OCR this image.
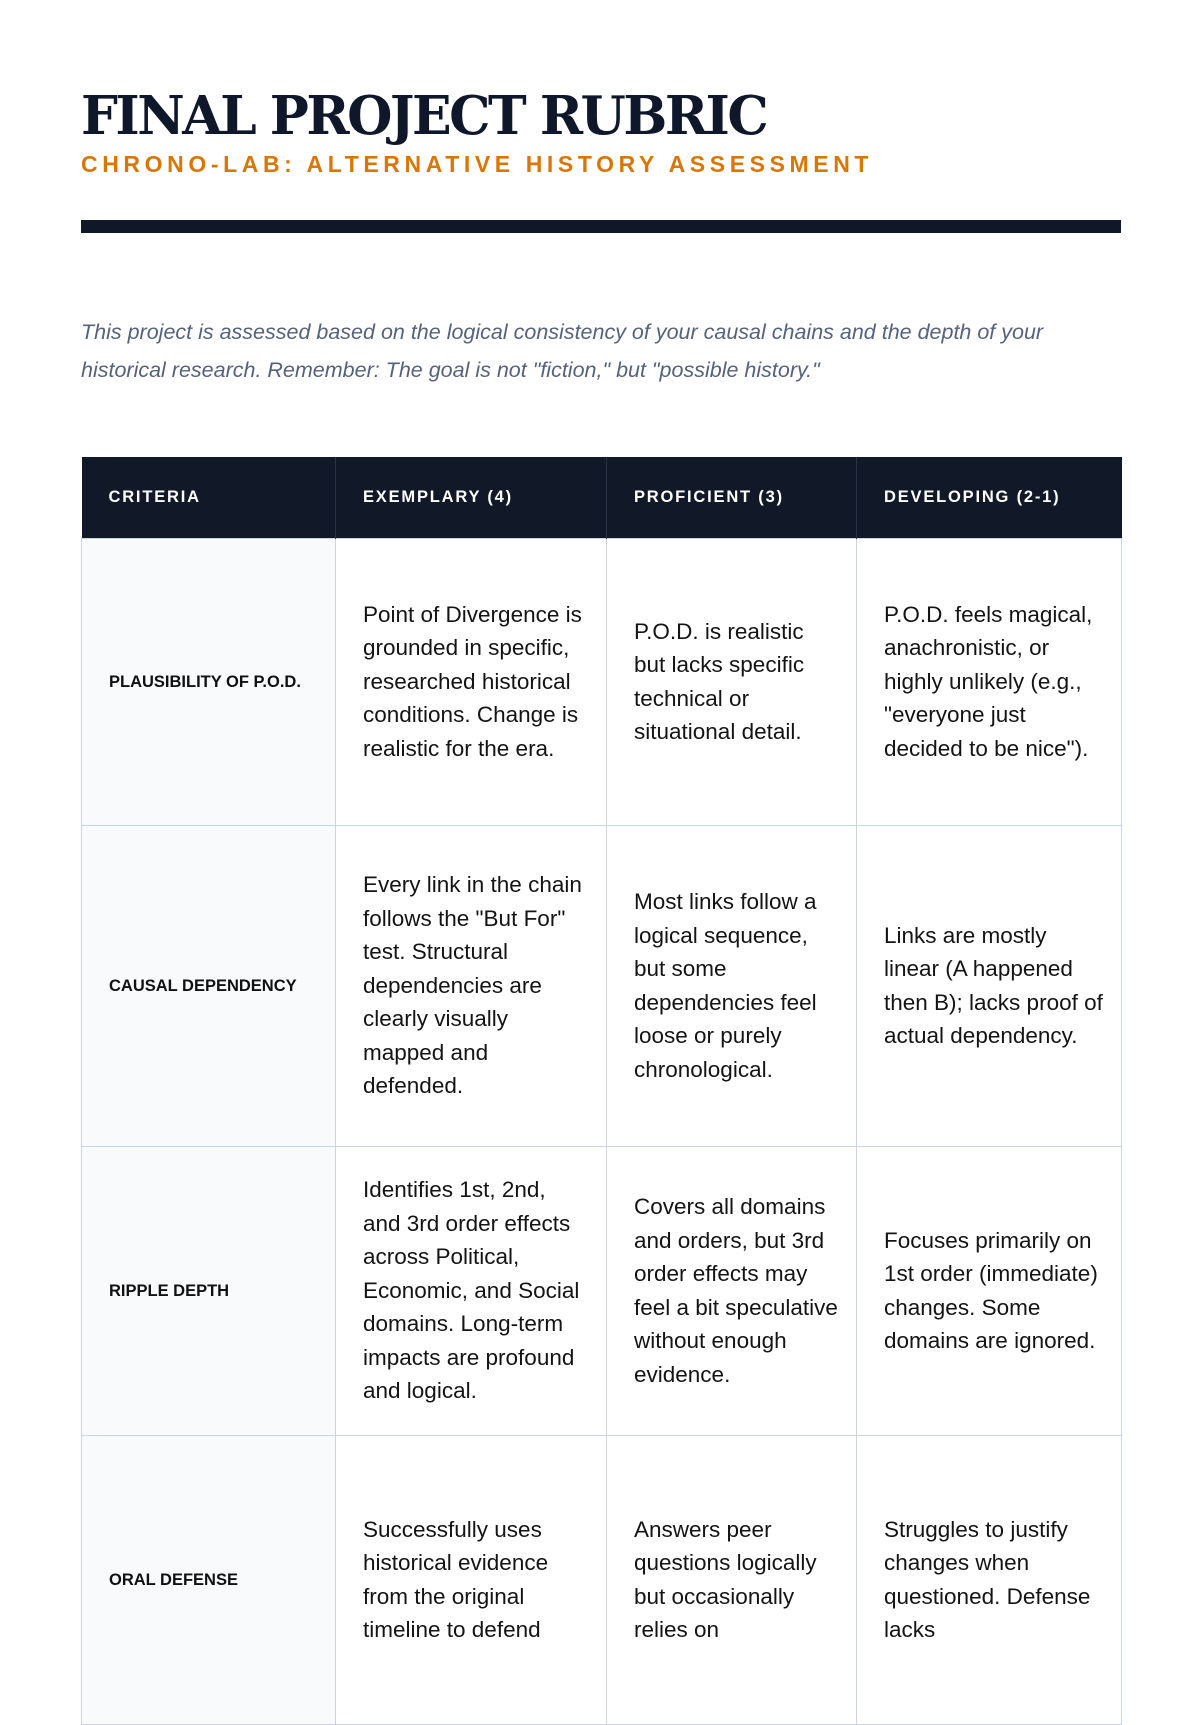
FINAL PROJECT RUBRIC
CHRONO-LAB: ALTERNATIVE HISTORY ASSESSMENT

This project is assessed based on the logical consistency of your causal chains and the depth of your historical research. Remember: The goal is not "fiction," but "possible history."

CRITERIA	EXEMPLARY (4)	PROFICIENT (3)	DEVELOPING (2-1)
PLAUSIBILITY OF P.O.D.	Point of Divergence is grounded in specific, researched historical conditions. Change is realistic for the era.	P.O.D. is realistic but lacks specific technical or situational detail.	P.O.D. feels magical, anachronistic, or highly unlikely (e.g., "everyone just decided to be nice").
CAUSAL DEPENDENCY	Every link in the chain follows the "But For" test. Structural dependencies are clearly visually mapped and defended.	Most links follow a logical sequence, but some dependencies feel loose or purely chronological.	Links are mostly linear (A happened then B); lacks proof of actual dependency.
RIPPLE DEPTH	Identifies 1st, 2nd, and 3rd order effects across Political, Economic, and Social domains. Long-term impacts are profound and logical.	Covers all domains and orders, but 3rd order effects may feel a bit speculative without enough evidence.	Focuses primarily on 1st order (immediate) changes. Some domains are ignored.
ORAL DEFENSE	Successfully uses historical evidence from the original timeline to defend	Answers peer questions logically but occasionally relies on	Struggles to justify changes when questioned. Defense lacks
